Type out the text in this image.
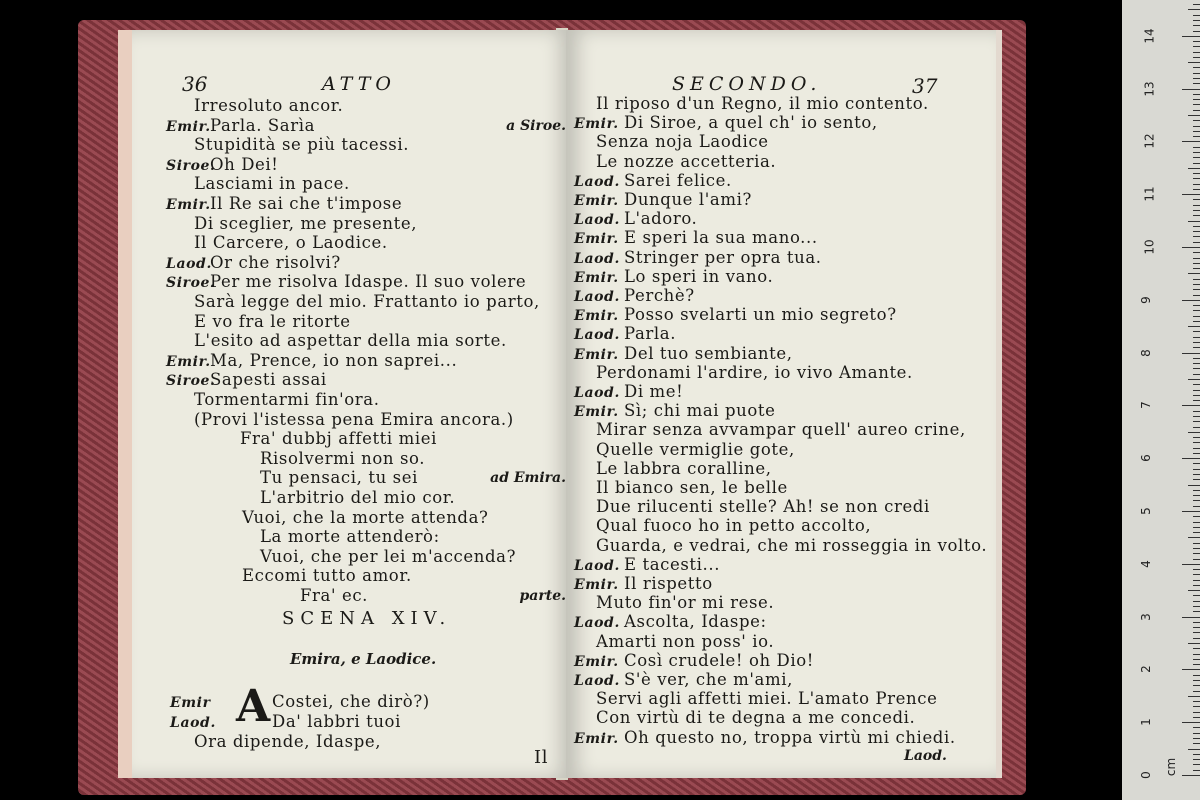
36	ATTO
Irresoluto ancor.
Emir. Parla. Sarìa	a Siroe.
Stupidità se più tacessi.
Siroe.
Oh Dei!
Lasciami in pace.
Emir. Il Re sai che t'impose
Di sceglier, me presente,
Il Carcere, o Laodice.
Laod.
Or che risolvi?
Siroe.
Per me risolva Idaspe. Il suo volere
Sarà legge del mio. Frattanto io parto,
E vo fra le ritorte
L'esito ad aspettar della mia sorte.
Emir. Ma, Prence, io non saprei...
Siroe.
Sapesti assai
Tormentarmi fin'ora.
(Provi l'istessa pena Emira ancora.)
Fra' dubbj affetti miei
Risolvermi non so.
Tu pensaci, tu sei	ad Emira.
L'arbitrio del mio cor.
Vuoi, che la morte attenda?
La morte attenderò:
Vuoi, che per lei m'accenda?
Eccomi tutto amor.
Fra' ec.	parte.
SCENA XIV.
Emira, e Laodice.
A
Emir	Costei, che dirò?)
Laod.	Da' labbri tuoi
Ora dipende, Idaspe,
Il
SECONDO.	37
Il riposo d'un Regno, il mio contento.
Emir. Di Siroe, a quel ch' io sento,
Senza noja Laodice
Le nozze accetteria.
Laod. Sarei felice.
Emir. Dunque l'ami?
Laod. L'adoro.
Emir. E speri la sua mano...
Laod. Stringer per opra tua.
Emir. Lo speri in vano.
Laod. Perchè?
Emir. Posso svelarti un mio segreto?
Laod. Parla.
Emir. Del tuo sembiante,
Perdonami l'ardire, io vivo Amante.
Laod. Di me!
Emir. Sì; chi mai puote
Mirar senza avvampar quell' aureo crine,
Quelle vermiglie gote,
Le labbra coralline,
Il bianco sen, le belle
Due rilucenti stelle? Ah! se non credi
Qual fuoco ho in petto accolto,
Guarda, e vedrai, che mi rosseggia in volto.
Laod. E tacesti...
Emir. Il rispetto
Muto fin'or mi rese.
Laod. Ascolta, Idaspe:
Amarti non poss' io.
Emir. Così crudele! oh Dio!
Laod. S'è ver, che m'ami,
Servi agli affetti miei. L'amato Prence
Con virtù di te degna a me concedi.
Emir. Oh questo no, troppa virtù mi chiedi.
Laod.
14
13
12
11
10
9
8
7
6
5
4
3
2
1
0 cm
